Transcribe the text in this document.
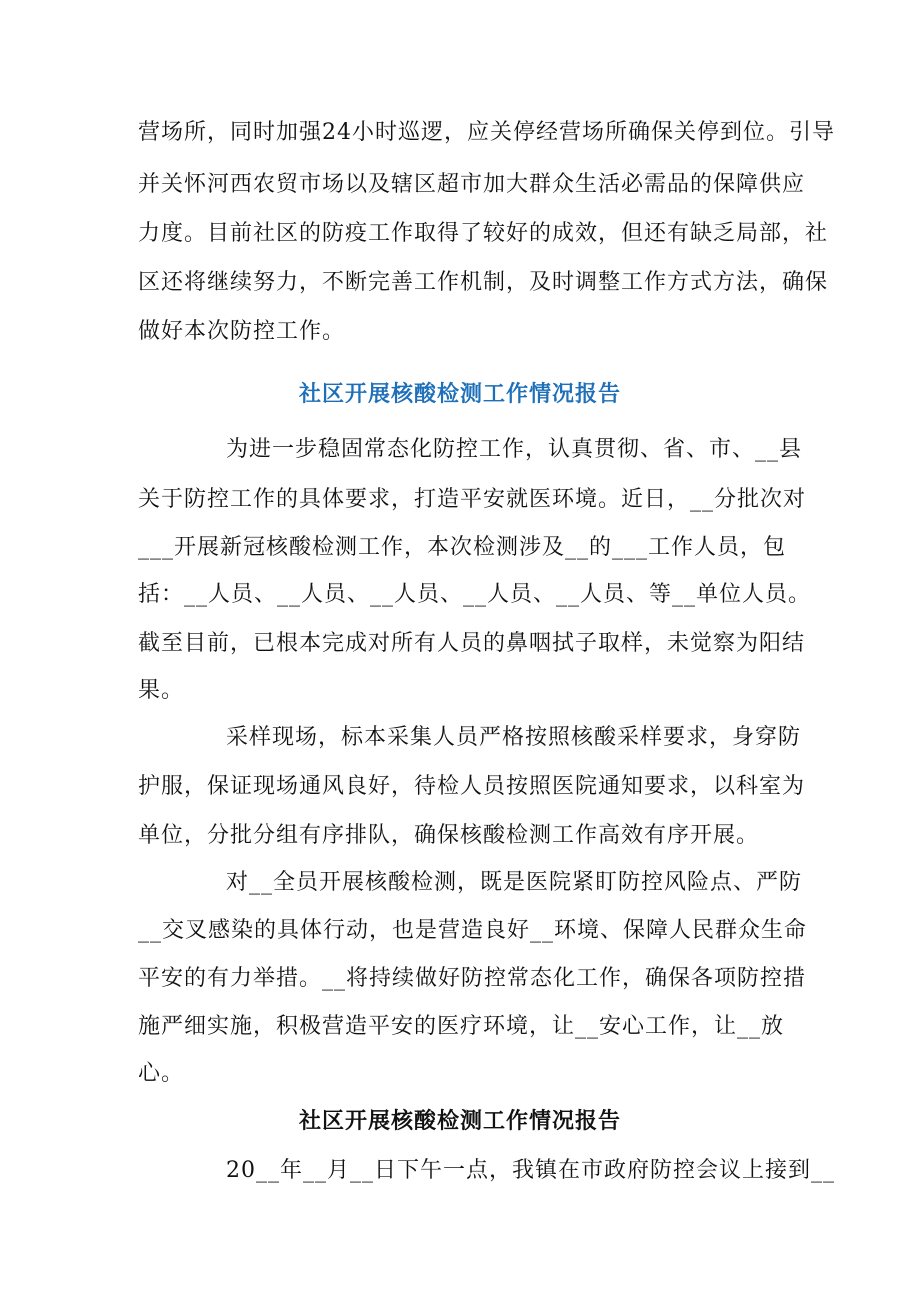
营场所，同时加强24小时巡逻，应关停经营场所确保关停到位。引导
并关怀河西农贸市场以及辖区超市加大群众生活必需品的保障供应
力度。目前社区的防疫工作取得了较好的成效，但还有缺乏局部，社
区还将继续努力，不断完善工作机制，及时调整工作方式方法，确保
做好本次防控工作。
社区开展核酸检测工作情况报告
为进一步稳固常态化防控工作，认真贯彻、省、市、__县
关于防控工作的具体要求，打造平安就医环境。近日，__分批次对
___开展新冠核酸检测工作，本次检测涉及__的___工作人员，包
括：__人员、__人员、__人员、__人员、__人员、等__单位人员。
截至目前，已根本完成对所有人员的鼻咽拭子取样，未觉察为阳结
果。
采样现场，标本采集人员严格按照核酸采样要求，身穿防
护服，保证现场通风良好，待检人员按照医院通知要求，以科室为
单位，分批分组有序排队，确保核酸检测工作高效有序开展。
对__全员开展核酸检测，既是医院紧盯防控风险点、严防
__交叉感染的具体行动，也是营造良好__环境、保障人民群众生命
平安的有力举措。__将持续做好防控常态化工作，确保各项防控措
施严细实施，积极营造平安的医疗环境，让__安心工作，让__放
心。
社区开展核酸检测工作情况报告
20__年__月__日下午一点，我镇在市政府防控会议上接到__
